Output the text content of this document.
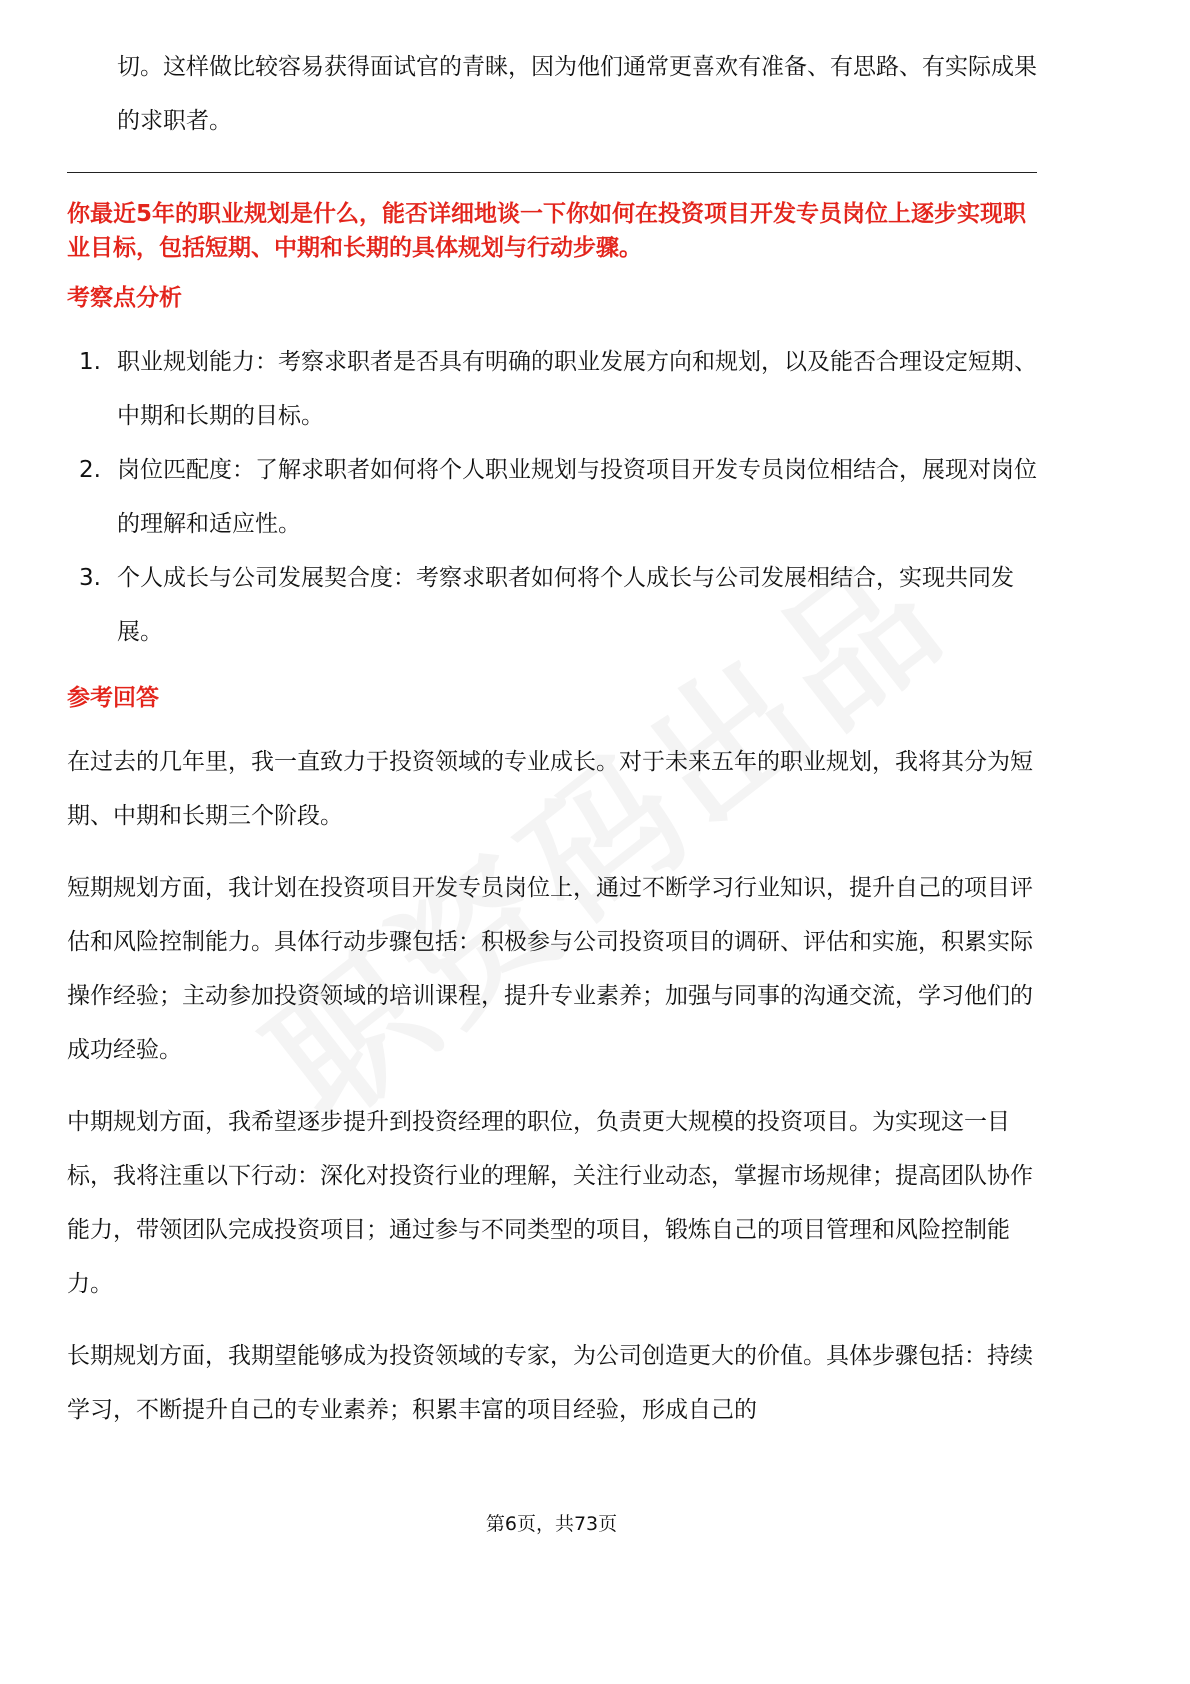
切。这样做比较容易获得面试官的青睐，因为他们通常更喜欢有准备、有思路、有实际成果的求职者。

你最近5年的职业规划是什么，能否详细地谈一下你如何在投资项目开发专员岗位上逐步实现职业目标，包括短期、中期和长期的具体规划与行动步骤。

考察点分析

1. 职业规划能力：考察求职者是否具有明确的职业发展方向和规划，以及能否合理设定短期、中期和长期的目标。
2. 岗位匹配度：了解求职者如何将个人职业规划与投资项目开发专员岗位相结合，展现对岗位的理解和适应性。
3. 个人成长与公司发展契合度：考察求职者如何将个人成长与公司发展相结合，实现共同发展。

参考回答

在过去的几年里，我一直致力于投资领域的专业成长。对于未来五年的职业规划，我将其分为短期、中期和长期三个阶段。

短期规划方面，我计划在投资项目开发专员岗位上，通过不断学习行业知识，提升自己的项目评估和风险控制能力。具体行动步骤包括：积极参与公司投资项目的调研、评估和实施，积累实际操作经验；主动参加投资领域的培训课程，提升专业素养；加强与同事的沟通交流，学习他们的成功经验。

中期规划方面，我希望逐步提升到投资经理的职位，负责更大规模的投资项目。为实现这一目标，我将注重以下行动：深化对投资行业的理解，关注行业动态，掌握市场规律；提高团队协作能力，带领团队完成投资项目；通过参与不同类型的项目，锻炼自己的项目管理和风险控制能力。

长期规划方面，我期望能够成为投资领域的专家，为公司创造更大的价值。具体步骤包括：持续学习，不断提升自己的专业素养；积累丰富的项目经验，形成自己的

第6页，共73页
